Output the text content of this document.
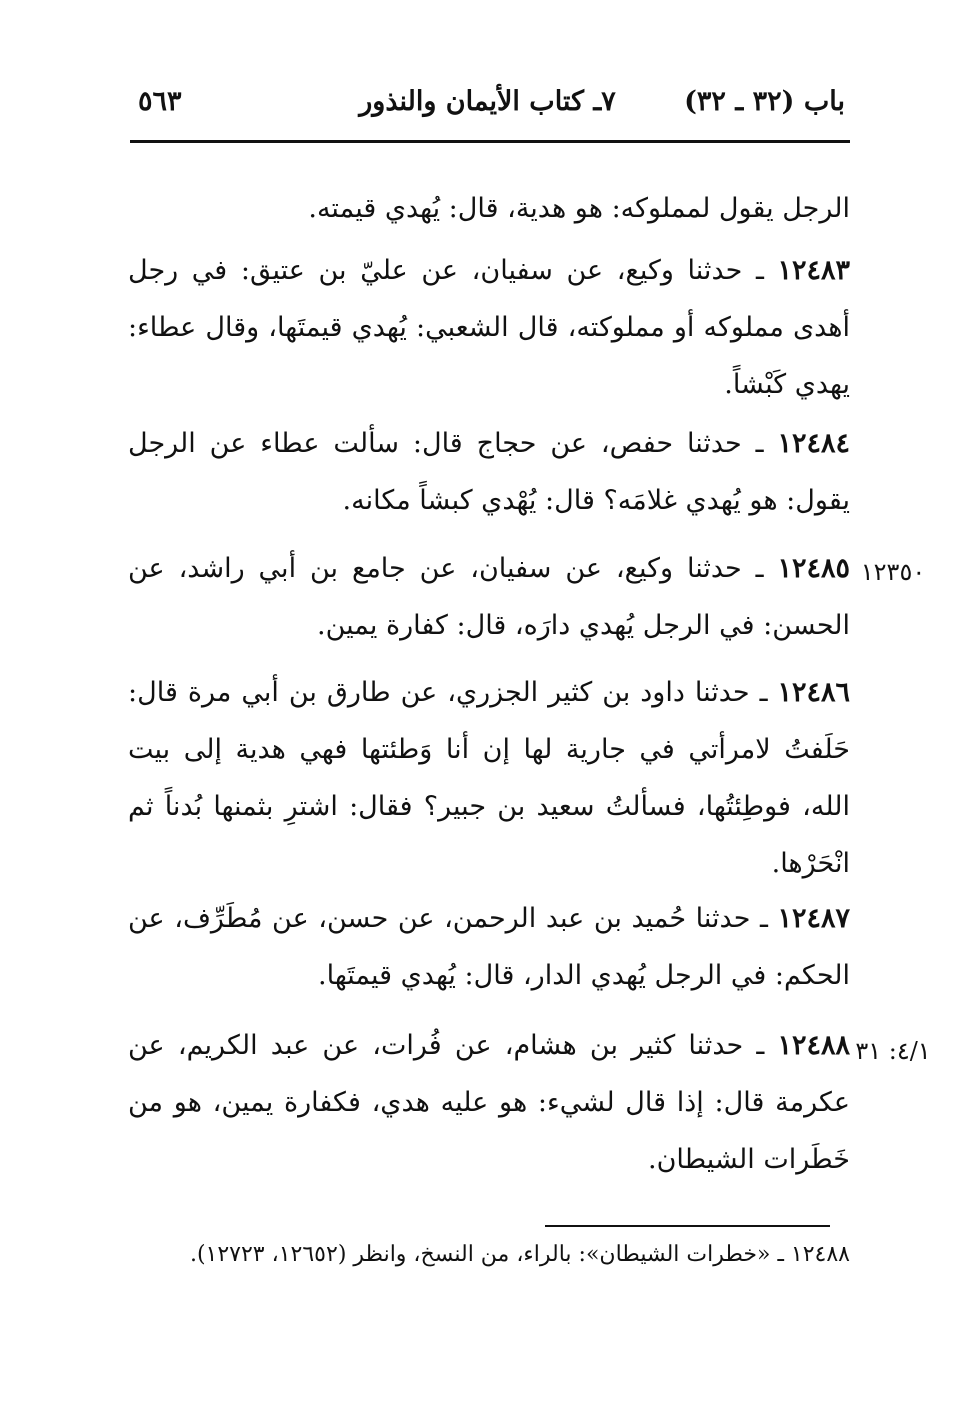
باب (٣٢ ـ ٣٢)
٧ـ كتاب الأيمان والنذور
٥٦٣
الرجل يقول لمملوكه: هو هدية، قال: يُهدي قيمته.
١٢٤٨٣ ـ حدثنا وكيع، عن سفيان، عن عليّ بن عتيق: في رجل أهدى مملوكه أو مملوكته، قال الشعبي: يُهدي قيمتَها، وقال عطاء: يهدي كَبْشاً.
١٢٤٨٤ ـ حدثنا حفص، عن حجاج قال: سألت عطاء عن الرجل يقول: هو يُهدي غلامَه؟ قال: يُهْدي كبشاً مكانه.
١٢٣٥٠
١٢٤٨٥ ـ حدثنا وكيع، عن سفيان، عن جامع بن أبي راشد، عن الحسن: في الرجل يُهدي دارَه، قال: كفارة يمين.
١٢٤٨٦ ـ حدثنا داود بن كثير الجزري، عن طارق بن أبي مرة قال: حَلَفتُ لامرأتي في جارية لها إن أنا وَطئتها فهي هدية إلى بيت الله، فوطِئتُها، فسألتُ سعيد بن جبير؟ فقال: اشترِ بثمنها بُدناً ثم انْحَرْها.
١٢٤٨٧ ـ حدثنا حُميد بن عبد الرحمن، عن حسن، عن مُطَرِّف، عن الحكم: في الرجل يُهدي الدار، قال: يُهدي قيمتَها.
٤/١: ٣١
١٢٤٨٨ ـ حدثنا كثير بن هشام، عن فُرات، عن عبد الكريم، عن عكرمة قال: إذا قال لشيء: هو عليه هدي، فكفارة يمين، هو من خَطَرات الشيطان.
١٢٤٨٨ ـ «خطرات الشيطان»: بالراء، من النسخ، وانظر (١٢٦٥٢، ١٢٧٢٣).
